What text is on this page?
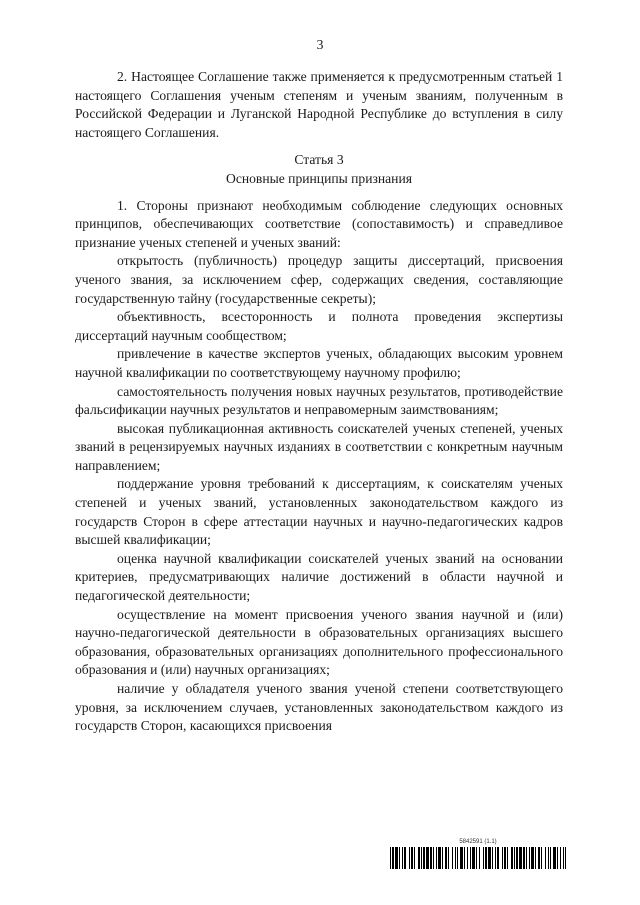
3

2. Настоящее Соглашение также применяется к предусмотренным статьей 1 настоящего Соглашения ученым степеням и ученым званиям, полученным в Российской Федерации и Луганской Народной Республике до вступления в силу настоящего Соглашения.

Статья 3

Основные принципы признания

1. Стороны признают необходимым соблюдение следующих основных принципов, обеспечивающих соответствие (сопоставимость) и справедливое признание ученых степеней и ученых званий:

открытость (публичность) процедур защиты диссертаций, присвоения ученого звания, за исключением сфер, содержащих сведения, составляющие государственную тайну (государственные секреты);

объективность, всесторонность и полнота проведения экспертизы диссертаций научным сообществом;

привлечение в качестве экспертов ученых, обладающих высоким уровнем научной квалификации по соответствующему научному профилю;

самостоятельность получения новых научных результатов, противодействие фальсификации научных результатов и неправомерным заимствованиям;

высокая публикационная активность соискателей ученых степеней, ученых званий в рецензируемых научных изданиях в соответствии с конкретным научным направлением;

поддержание уровня требований к диссертациям, к соискателям ученых степеней и ученых званий, установленных законодательством каждого из государств Сторон в сфере аттестации научных и научно-педагогических кадров высшей квалификации;

оценка научной квалификации соискателей ученых званий на основании критериев, предусматривающих наличие достижений в области научной и педагогической деятельности;

осуществление на момент присвоения ученого звания научной и (или) научно-педагогической деятельности в образовательных организациях высшего образования, образовательных организациях дополнительного профессионального образования и (или) научных организациях;

наличие у обладателя ученого звания ученой степени соответствующего уровня, за исключением случаев, установленных законодательством каждого из государств Сторон, касающихся присвоения

5842591 (1.1)
